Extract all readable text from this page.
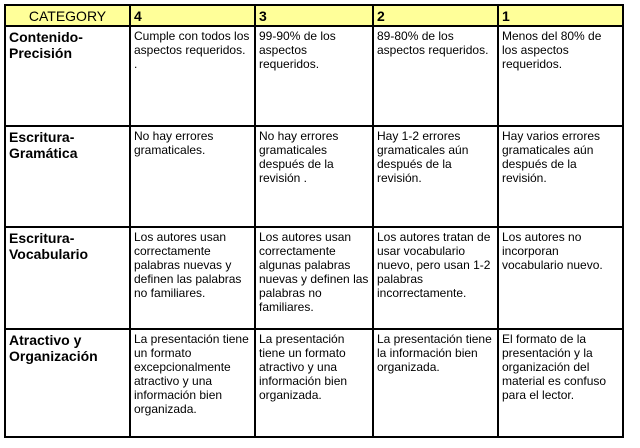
CATEGORY	4	3	2	1
Contenido-Precisión	Cumple con todos los aspectos requeridos. .	99-90% de los aspectos requeridos.	89-80% de los aspectos requeridos.	Menos del 80% de los aspectos requeridos.
Escritura-Gramática	No hay errores gramaticales.	No hay errores gramaticales después de la revisión .	Hay 1-2 errores gramaticales aún después de la revisión.	Hay varios errores gramaticales aún después de la revisión.
Escritura-Vocabulario	Los autores usan correctamente palabras nuevas y definen las palabras no familiares.	Los autores usan correctamente algunas palabras nuevas y definen las palabras no familiares.	Los autores tratan de usar vocabulario nuevo, pero usan 1-2 palabras incorrectamente.	Los autores no incorporan vocabulario nuevo.
Atractivo y Organización	La presentación tiene un formato excepcionalmente atractivo y una información bien organizada.	La presentación tiene un formato atractivo y una información bien organizada.	La presentación tiene la información bien organizada.	El formato de la presentación y la organización del material es confuso para el lector.
